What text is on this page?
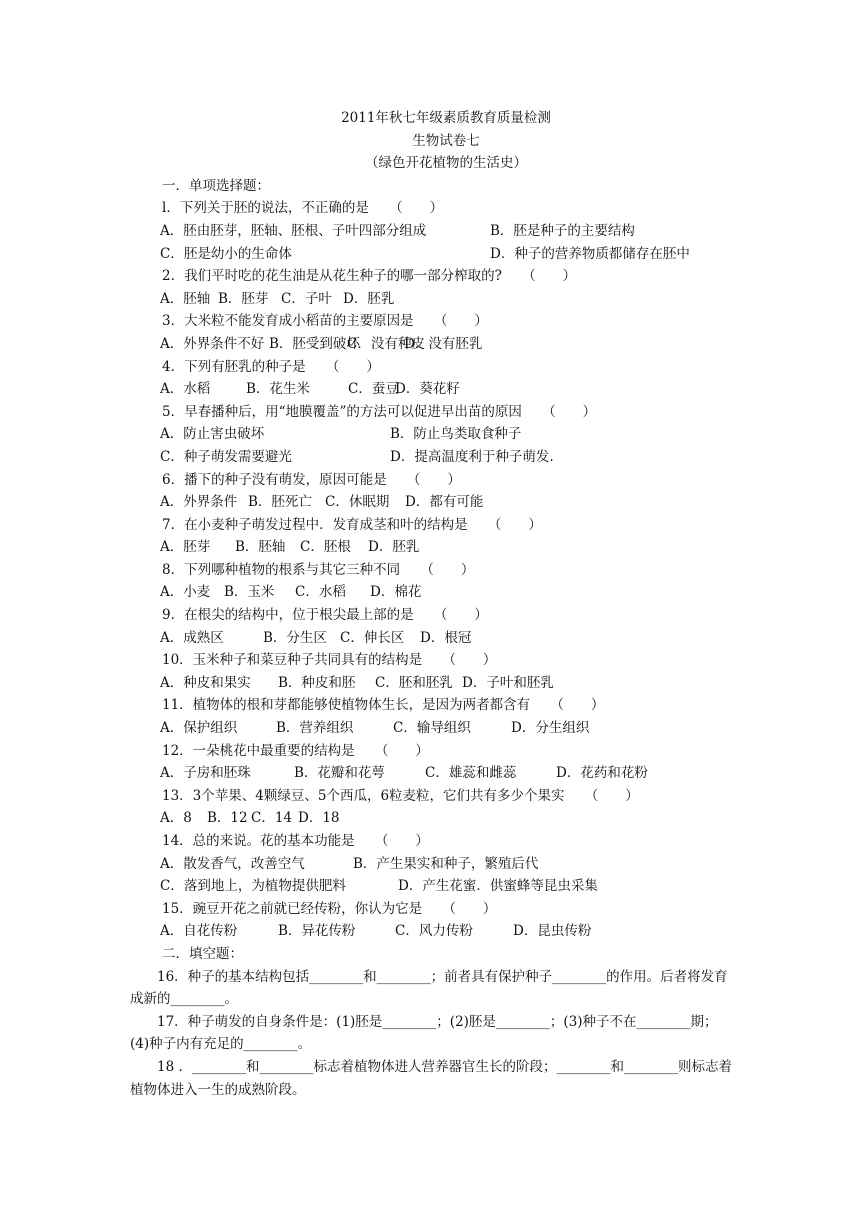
2011年秋七年级素质教育质量检测
生物试卷七
（绿色开花植物的生活史）
一．单项选择题：
l．下列关于胚的说法，不正确的是　　（　　）
A．胚由胚芽，胚轴、胚根、子叶四部分组成	B．胚是种子的主要结构
C．胚是幼小的生命体	D．种子的营养物质都储存在胚中
2．我们平时吃的花生油是从花生种子的哪一部分榨取的?　　（　　）
A．胚轴 B．胚芽 C．子叶 D．胚乳
3．大米粒不能发育成小稻苗的主要原因是　　（　　）
A．外界条件不好 B．胚受到破坏
C．没有种皮
D．没有胚乳
4．下列有胚乳的种子是　　（　　）
A．水稻	B．花生米	C．蚕豆
D．葵花籽
5．早春播种后，用“地膜覆盖”的方法可以促进早出苗的原因　　（　　）
A．防止害虫破坏	B．防止鸟类取食种子
C．种子萌发需要避光	D．提高温度利于种子萌发.
6．播下的种子没有萌发，原因可能是　　（　　）
A．外界条件 B．胚死亡 C．休眠期 D．都有可能
7．在小麦种子萌发过程中．发育成茎和叶的结构是　　（　　）
A．胚芽 B．胚轴 C．胚根 D．胚乳
8．下列哪种植物的根系与其它三种不同　　（　　）
A．小麦 B．玉米 C．水稻 D．棉花
9．在根尖的结构中，位于根尖最上部的是　　（　　）
A．成熟区	B．分生区 C．伸长区 D．根冠
10．玉米种子和菜豆种子共同具有的结构是　　（　　）
A．种皮和果实 B．种皮和胚 C．胚和胚乳 D．子叶和胚乳
11．植物体的根和芽都能够使植物体生长，是因为两者都含有　　（　　）
A．保护组织	B．营养组织	C．输导组织	D．分生组织
12．一朵桃花中最重要的结构是　　（　　）
A．子房和胚珠	B．花瓣和花萼	C．雄蕊和雌蕊	D．花药和花粉
13．3个苹果、4颗绿豆、5个西瓜，6粒麦粒，它们共有多少个果实　　（　　）
A．8 B．12 C．14 D．18
14．总的来说。花的基本功能是　　（　　）
A．散发香气，改善空气	B．产生果实和种子，繁殖后代
C．落到地上，为植物提供肥料	D．产生花蜜．供蜜蜂等昆虫采集
15．豌豆开花之前就已经传粉，你认为它是　　（　　）
A．自花传粉	B．异花传粉	C．风力传粉	D．昆虫传粉
二．填空题：
16．种子的基本结构包括________和________；前者具有保护种子________的作用。后者将发育成新的________。
17．种子萌发的自身条件是：(1)胚是________；(2)胚是________；(3)种子不在________期；(4)种子内有充足的________。
18 ．________和________标志着植物体进人营养器官生长的阶段；________和________则标志着植物体进入一生的成熟阶段。
